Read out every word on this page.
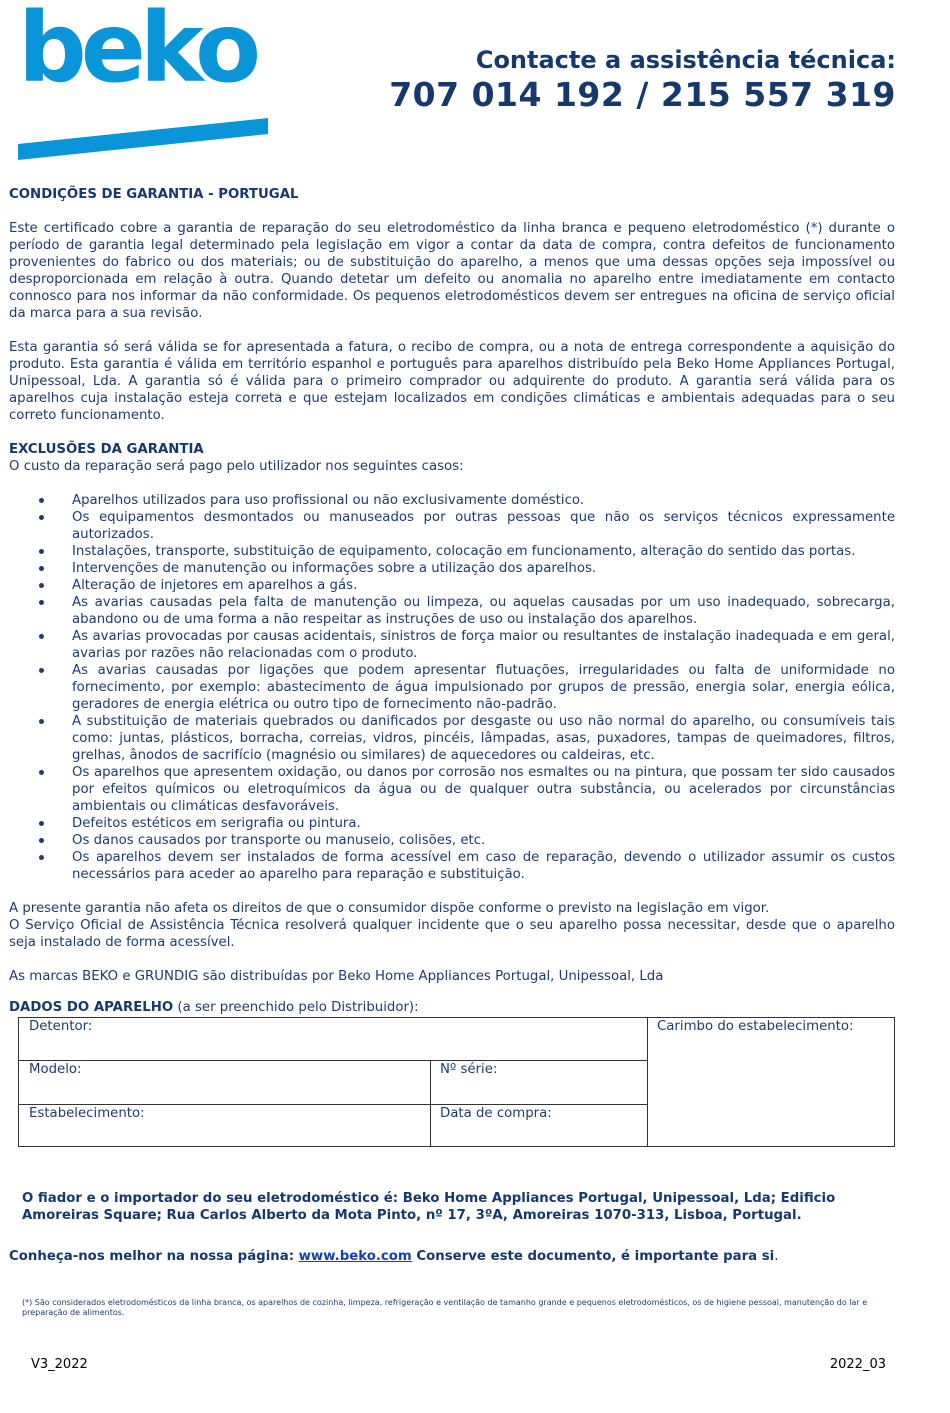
beko	Contacte a assistência técnica:
707 014 192 / 215 557 319
CONDIÇÕES DE GARANTIA - PORTUGAL

Este certificado cobre a garantia de reparação do seu eletrodoméstico da linha branca e pequeno eletrodoméstico (*) durante o período de garantia legal determinado pela legislação em vigor a contar da data de compra, contra defeitos de funcionamento provenientes do fabrico ou dos materiais; ou de substituição do aparelho, a menos que uma dessas opções seja impossível ou desproporcionada em relação à outra. Quando detetar um defeito ou anomalia no aparelho entre imediatamente em contacto connosco para nos informar da não conformidade. Os pequenos eletrodomésticos devem ser entregues na oficina de serviço oficial da marca para a sua revisão.

Esta garantia só será válida se for apresentada a fatura, o recibo de compra, ou a nota de entrega correspondente a aquisição do produto. Esta garantia é válida em território espanhol e português para aparelhos distribuído pela Beko Home Appliances Portugal, Unipessoal, Lda. A garantia só é válida para o primeiro comprador ou adquirente do produto. A garantia será válida para os aparelhos cuja instalação esteja correta e que estejam localizados em condições climáticas e ambientais adequadas para o seu correto funcionamento.

EXCLUSÕES DA GARANTIA

O custo da reparação será pago pelo utilizador nos seguintes casos:

Aparelhos utilizados para uso profissional ou não exclusivamente doméstico.
Os equipamentos desmontados ou manuseados por outras pessoas que não os serviços técnicos expressamente autorizados.
Instalações, transporte, substituição de equipamento, colocação em funcionamento, alteração do sentido das portas.
Intervenções de manutenção ou informações sobre a utilização dos aparelhos.
Alteração de injetores em aparelhos a gás.
As avarias causadas pela falta de manutenção ou limpeza, ou aquelas causadas por um uso inadequado, sobrecarga, abandono ou de uma forma a não respeitar as instruções de uso ou instalação dos aparelhos.
As avarias provocadas por causas acidentais, sinistros de força maior ou resultantes de instalação inadequada e em geral, avarias por razões não relacionadas com o produto.
As avarias causadas por ligações que podem apresentar flutuações, irregularidades ou falta de uniformidade no fornecimento, por exemplo: abastecimento de água impulsionado por grupos de pressão, energia solar, energia eólica, geradores de energia elétrica ou outro tipo de fornecimento não-padrão.
A substituição de materiais quebrados ou danificados por desgaste ou uso não normal do aparelho, ou consumíveis tais como: juntas, plásticos, borracha, correias, vidros, pincéis, lâmpadas, asas, puxadores, tampas de queimadores, filtros, grelhas, ânodos de sacrifício (magnésio ou similares) de aquecedores ou caldeiras, etc.
Os aparelhos que apresentem oxidação, ou danos por corrosão nos esmaltes ou na pintura, que possam ter sido causados por efeitos químicos ou eletroquímicos da água ou de qualquer outra substância, ou acelerados por circunstâncias ambientais ou climáticas desfavoráveis.
Defeitos estéticos em serigrafia ou pintura.
Os danos causados por transporte ou manuseio, colisões, etc.
Os aparelhos devem ser instalados de forma acessível em caso de reparação, devendo o utilizador assumir os custos necessários para aceder ao aparelho para reparação e substituição.

A presente garantia não afeta os direitos de que o consumidor dispõe conforme o previsto na legislação em vigor.

O Serviço Oficial de Assistência Técnica resolverá qualquer incidente que o seu aparelho possa necessitar, desde que o aparelho seja instalado de forma acessível.

As marcas BEKO e GRUNDIG são distribuídas por Beko Home Appliances Portugal, Unipessoal, Lda

DADOS DO APARELHO (a ser preenchido pelo Distribuidor):
Detentor:	Carimbo do estabelecimento:
Modelo:	Nº série:
Estabelecimento:	Data de compra:

O fiador e o importador do seu eletrodoméstico é: Beko Home Appliances Portugal, Unipessoal, Lda; Edificio Amoreiras Square; Rua Carlos Alberto da Mota Pinto, nº 17, 3ºA, Amoreiras 1070-313, Lisboa, Portugal.

Conheça-nos melhor na nossa página: www.beko.com Conserve este documento, é importante para si.

(*) São considerados eletrodomésticos da linha branca, os aparelhos de cozinha, limpeza, refrigeração e ventilação de tamanho grande e pequenos eletrodomésticos, os de higiene pessoal, manutenção do lar e preparação de alimentos.

V3_2022	2022_03
